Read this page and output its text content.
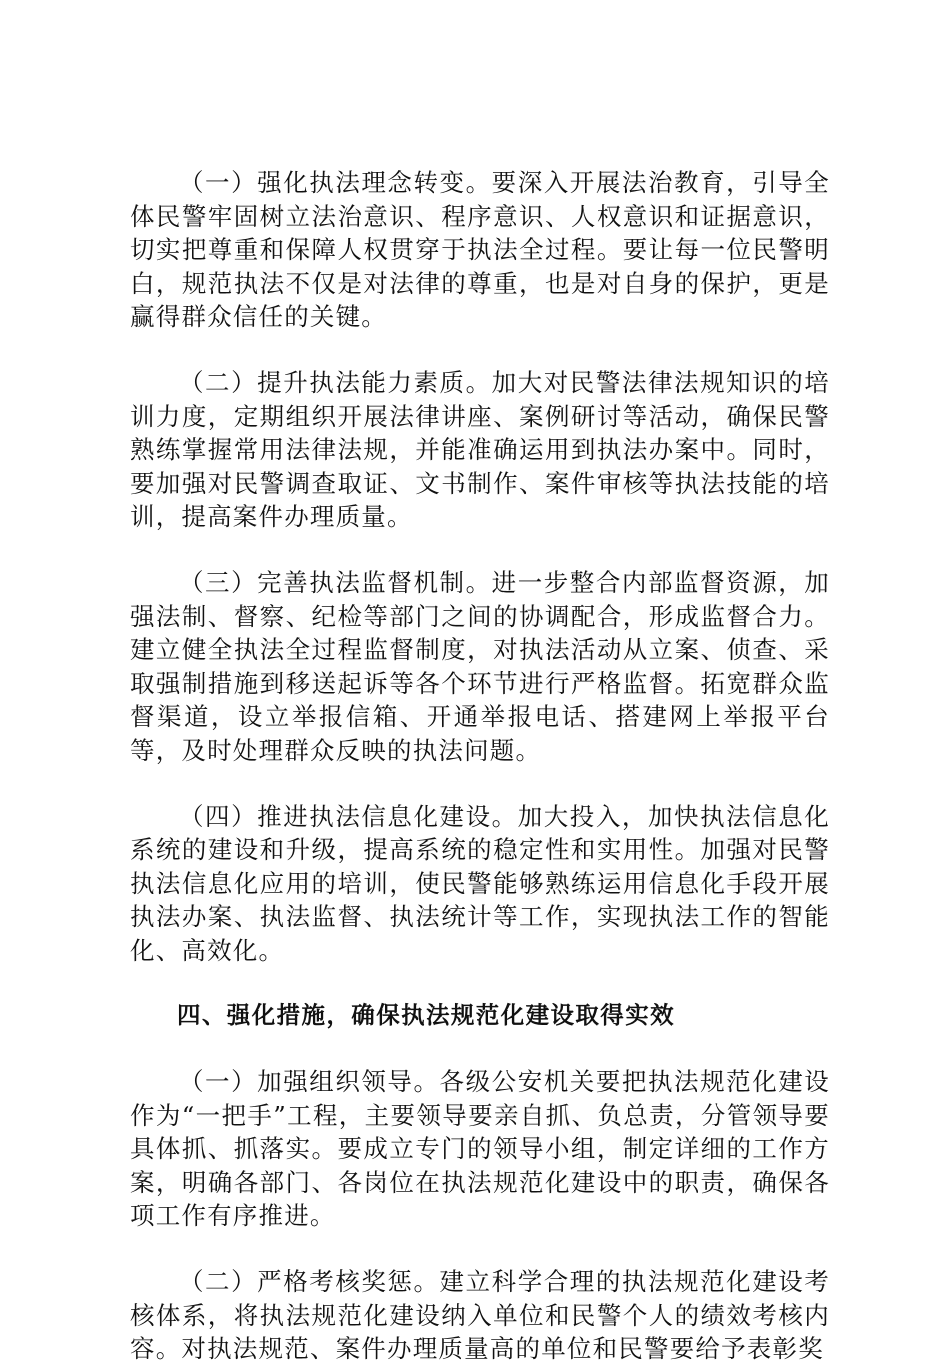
（一）强化执法理念转变。要深入开展法治教育，引导全体民警牢固树立法治意识、程序意识、人权意识和证据意识，切实把尊重和保障人权贯穿于执法全过程。要让每一位民警明白，规范执法不仅是对法律的尊重，也是对自身的保护，更是赢得群众信任的关键。

（二）提升执法能力素质。加大对民警法律法规知识的培训力度，定期组织开展法律讲座、案例研讨等活动，确保民警熟练掌握常用法律法规，并能准确运用到执法办案中。同时，要加强对民警调查取证、文书制作、案件审核等执法技能的培训，提高案件办理质量。

（三）完善执法监督机制。进一步整合内部监督资源，加强法制、督察、纪检等部门之间的协调配合，形成监督合力。建立健全执法全过程监督制度，对执法活动从立案、侦查、采取强制措施到移送起诉等各个环节进行严格监督。拓宽群众监督渠道，设立举报信箱、开通举报电话、搭建网上举报平台等，及时处理群众反映的执法问题。

（四）推进执法信息化建设。加大投入，加快执法信息化系统的建设和升级，提高系统的稳定性和实用性。加强对民警执法信息化应用的培训，使民警能够熟练运用信息化手段开展执法办案、执法监督、执法统计等工作，实现执法工作的智能化、高效化。

四、强化措施，确保执法规范化建设取得实效

（一）加强组织领导。各级公安机关要把执法规范化建设作为“一把手”工程，主要领导要亲自抓、负总责，分管领导要具体抓、抓落实。要成立专门的领导小组，制定详细的工作方案，明确各部门、各岗位在执法规范化建设中的职责，确保各项工作有序推进。

（二）严格考核奖惩。建立科学合理的执法规范化建设考核体系，将执法规范化建设纳入单位和民警个人的绩效考核内容。对执法规范、案件办理质量高的单位和民警要给予表彰奖
